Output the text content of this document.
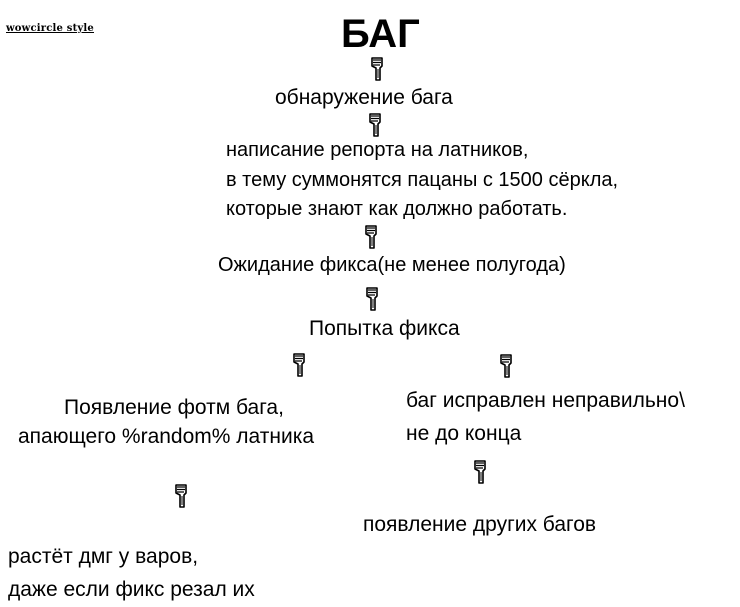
wowcircle style	БАГ
обнаружение бага
написание репорта на латников,
в тему суммонятся пацаны с 1500 сёркла,
которые знают как должно работать.
Ожидание фикса(не менее полугода)
Попытка фикса
Появление фотм бага,
апающего %random% латника
баг исправлен неправильно\
не до конца
появление других багов
растёт дмг у варов,
даже если фикс резал их
